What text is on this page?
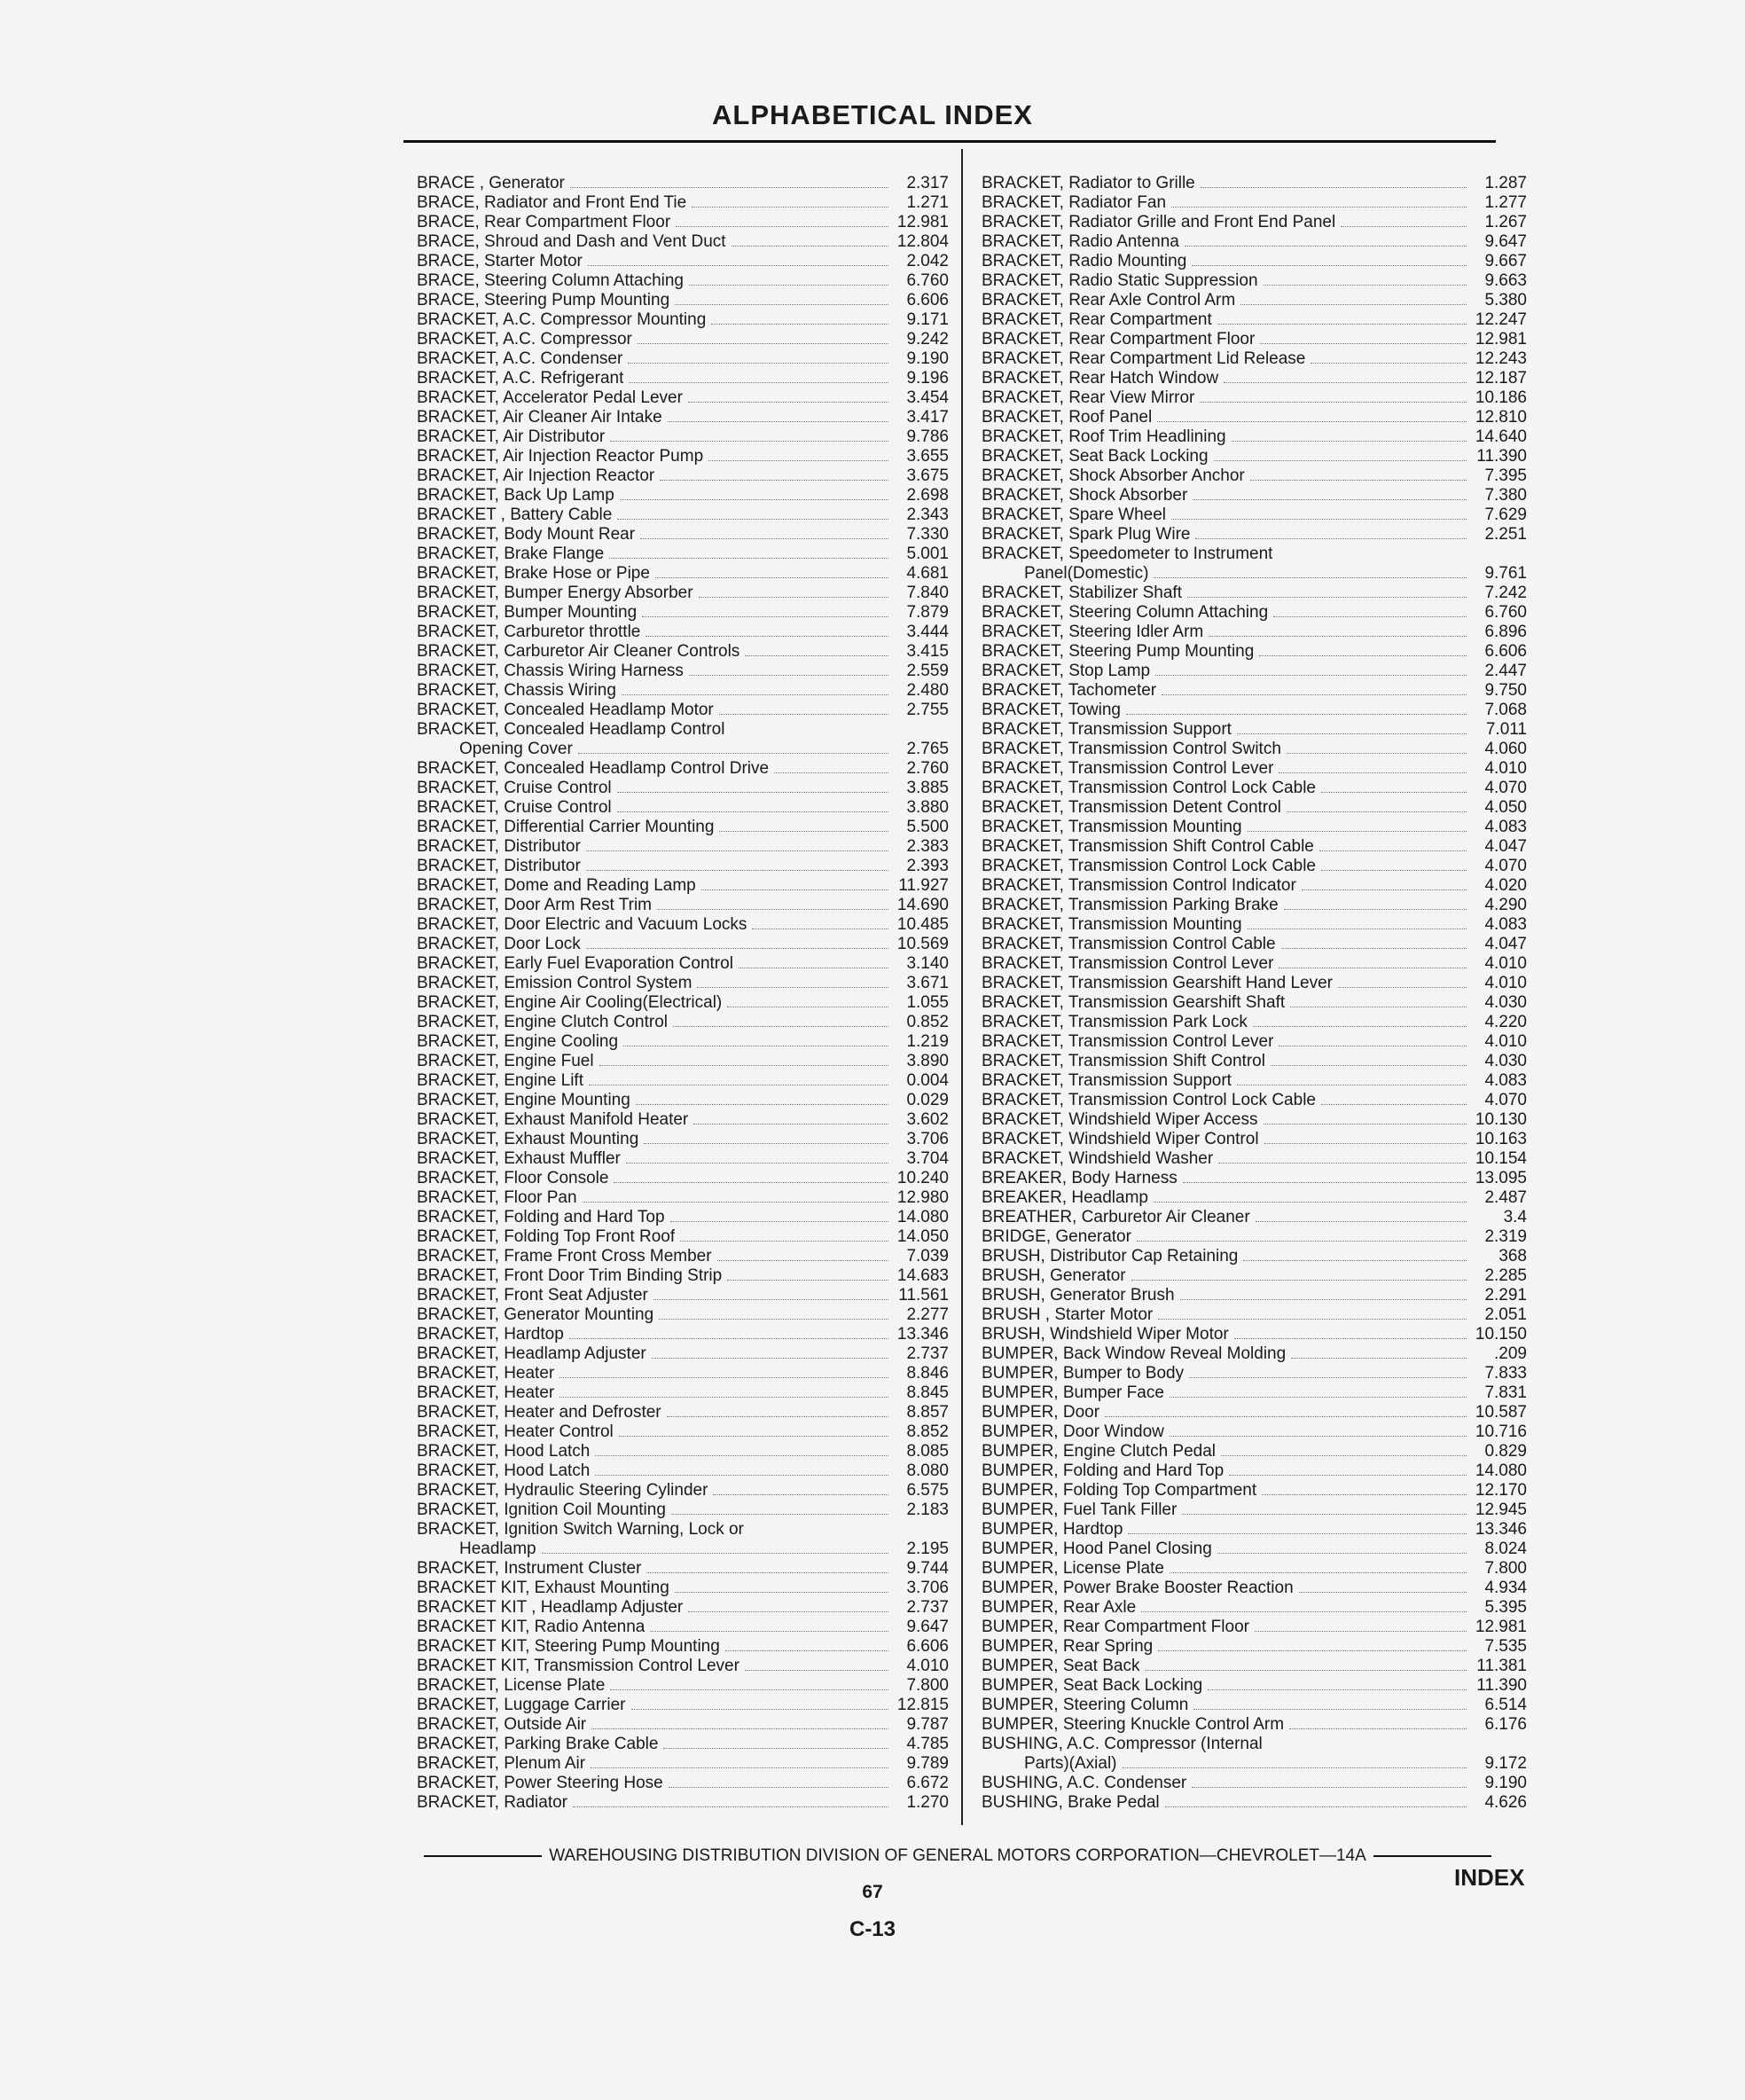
ALPHABETICAL INDEX
BRACE , Generator	2.317
BRACE, Radiator and Front End Tie	1.271
BRACE, Rear Compartment Floor	12.981
BRACE, Shroud and Dash and Vent Duct	12.804
BRACE, Starter Motor	2.042
BRACE, Steering Column Attaching	6.760
BRACE, Steering Pump Mounting	6.606
BRACKET, A.C. Compressor Mounting	9.171
BRACKET, A.C. Compressor	9.242
BRACKET, A.C. Condenser	9.190
BRACKET, A.C. Refrigerant	9.196
BRACKET, Accelerator Pedal Lever	3.454
BRACKET, Air Cleaner Air Intake	3.417
BRACKET, Air Distributor	9.786
BRACKET, Air Injection Reactor Pump	3.655
BRACKET, Air Injection Reactor	3.675
BRACKET, Back Up Lamp	2.698
BRACKET , Battery Cable	2.343
BRACKET, Body Mount Rear	7.330
BRACKET, Brake Flange	5.001
BRACKET, Brake Hose or Pipe	4.681
BRACKET, Bumper Energy Absorber	7.840
BRACKET, Bumper Mounting	7.879
BRACKET, Carburetor throttle	3.444
BRACKET, Carburetor Air Cleaner Controls	3.415
BRACKET, Chassis Wiring Harness	2.559
BRACKET, Chassis Wiring	2.480
BRACKET, Concealed Headlamp Motor	2.755
BRACKET, Concealed Headlamp Control
Opening Cover	2.765
BRACKET, Concealed Headlamp Control Drive	2.760
BRACKET, Cruise Control	3.885
BRACKET, Cruise Control	3.880
BRACKET, Differential Carrier Mounting	5.500
BRACKET, Distributor	2.383
BRACKET, Distributor	2.393
BRACKET, Dome and Reading Lamp	11.927
BRACKET, Door Arm Rest Trim	14.690
BRACKET, Door Electric and Vacuum Locks	10.485
BRACKET, Door Lock	10.569
BRACKET, Early Fuel Evaporation Control	3.140
BRACKET, Emission Control System	3.671
BRACKET, Engine Air Cooling(Electrical)	1.055
BRACKET, Engine Clutch Control	0.852
BRACKET, Engine Cooling	1.219
BRACKET, Engine Fuel	3.890
BRACKET, Engine Lift	0.004
BRACKET, Engine Mounting	0.029
BRACKET, Exhaust Manifold Heater	3.602
BRACKET, Exhaust Mounting	3.706
BRACKET, Exhaust Muffler	3.704
BRACKET, Floor Console	10.240
BRACKET, Floor Pan	12.980
BRACKET, Folding and Hard Top	14.080
BRACKET, Folding Top Front Roof	14.050
BRACKET, Frame Front Cross Member	7.039
BRACKET, Front Door Trim Binding Strip	14.683
BRACKET, Front Seat Adjuster	11.561
BRACKET, Generator Mounting	2.277
BRACKET, Hardtop	13.346
BRACKET, Headlamp Adjuster	2.737
BRACKET, Heater	8.846
BRACKET, Heater	8.845
BRACKET, Heater and Defroster	8.857
BRACKET, Heater Control	8.852
BRACKET, Hood Latch	8.085
BRACKET, Hood Latch	8.080
BRACKET, Hydraulic Steering Cylinder	6.575
BRACKET, Ignition Coil Mounting	2.183
BRACKET, Ignition Switch Warning, Lock or
Headlamp	2.195
BRACKET, Instrument Cluster	9.744
BRACKET KIT, Exhaust Mounting	3.706
BRACKET KIT , Headlamp Adjuster	2.737
BRACKET KIT, Radio Antenna	9.647
BRACKET KIT, Steering Pump Mounting	6.606
BRACKET KIT, Transmission Control Lever	4.010
BRACKET, License Plate	7.800
BRACKET, Luggage Carrier	12.815
BRACKET, Outside Air	9.787
BRACKET, Parking Brake Cable	4.785
BRACKET, Plenum Air	9.789
BRACKET, Power Steering Hose	6.672
BRACKET, Radiator	1.270
BRACKET, Radiator to Grille	1.287
BRACKET, Radiator Fan	1.277
BRACKET, Radiator Grille and Front End Panel	1.267
BRACKET, Radio Antenna	9.647
BRACKET, Radio Mounting	9.667
BRACKET, Radio Static Suppression	9.663
BRACKET, Rear Axle Control Arm	5.380
BRACKET, Rear Compartment	12.247
BRACKET, Rear Compartment Floor	12.981
BRACKET, Rear Compartment Lid Release	12.243
BRACKET, Rear Hatch Window	12.187
BRACKET, Rear View Mirror	10.186
BRACKET, Roof Panel	12.810
BRACKET, Roof Trim Headlining	14.640
BRACKET, Seat Back Locking	11.390
BRACKET, Shock Absorber Anchor	7.395
BRACKET, Shock Absorber	7.380
BRACKET, Spare Wheel	7.629
BRACKET, Spark Plug Wire	2.251
BRACKET, Speedometer to Instrument
Panel(Domestic)	9.761
BRACKET, Stabilizer Shaft	7.242
BRACKET, Steering Column Attaching	6.760
BRACKET, Steering Idler Arm	6.896
BRACKET, Steering Pump Mounting	6.606
BRACKET, Stop Lamp	2.447
BRACKET, Tachometer	9.750
BRACKET, Towing	7.068
BRACKET, Transmission Support	7.011
BRACKET, Transmission Control Switch	4.060
BRACKET, Transmission Control Lever	4.010
BRACKET, Transmission Control Lock Cable	4.070
BRACKET, Transmission Detent Control	4.050
BRACKET, Transmission Mounting	4.083
BRACKET, Transmission Shift Control Cable	4.047
BRACKET, Transmission Control Lock Cable	4.070
BRACKET, Transmission Control Indicator	4.020
BRACKET, Transmission Parking Brake	4.290
BRACKET, Transmission Mounting	4.083
BRACKET, Transmission Control Cable	4.047
BRACKET, Transmission Control Lever	4.010
BRACKET, Transmission Gearshift Hand Lever	4.010
BRACKET, Transmission Gearshift Shaft	4.030
BRACKET, Transmission Park Lock	4.220
BRACKET, Transmission Control Lever	4.010
BRACKET, Transmission Shift Control	4.030
BRACKET, Transmission Support	4.083
BRACKET, Transmission Control Lock Cable	4.070
BRACKET, Windshield Wiper Access	10.130
BRACKET, Windshield Wiper Control	10.163
BRACKET, Windshield Washer	10.154
BREAKER, Body Harness	13.095
BREAKER, Headlamp	2.487
BREATHER, Carburetor Air Cleaner	3.4
BRIDGE, Generator	2.319
BRUSH, Distributor Cap Retaining	368
BRUSH, Generator	2.285
BRUSH, Generator Brush	2.291
BRUSH , Starter Motor	2.051
BRUSH, Windshield Wiper Motor	10.150
BUMPER, Back Window Reveal Molding	.209
BUMPER, Bumper to Body	7.833
BUMPER, Bumper Face	7.831
BUMPER, Door	10.587
BUMPER, Door Window	10.716
BUMPER, Engine Clutch Pedal	0.829
BUMPER, Folding and Hard Top	14.080
BUMPER, Folding Top Compartment	12.170
BUMPER, Fuel Tank Filler	12.945
BUMPER, Hardtop	13.346
BUMPER, Hood Panel Closing	8.024
BUMPER, License Plate	7.800
BUMPER, Power Brake Booster Reaction	4.934
BUMPER, Rear Axle	5.395
BUMPER, Rear Compartment Floor	12.981
BUMPER, Rear Spring	7.535
BUMPER, Seat Back	11.381
BUMPER, Seat Back Locking	11.390
BUMPER, Steering Column	6.514
BUMPER, Steering Knuckle Control Arm	6.176
BUSHING, A.C. Compressor (Internal
Parts)(Axial)	9.172
BUSHING, A.C. Condenser	9.190
BUSHING, Brake Pedal	4.626
WAREHOUSING DISTRIBUTION DIVISION OF GENERAL MOTORS CORPORATION—CHEVROLET—14A
INDEX
67
C-13
